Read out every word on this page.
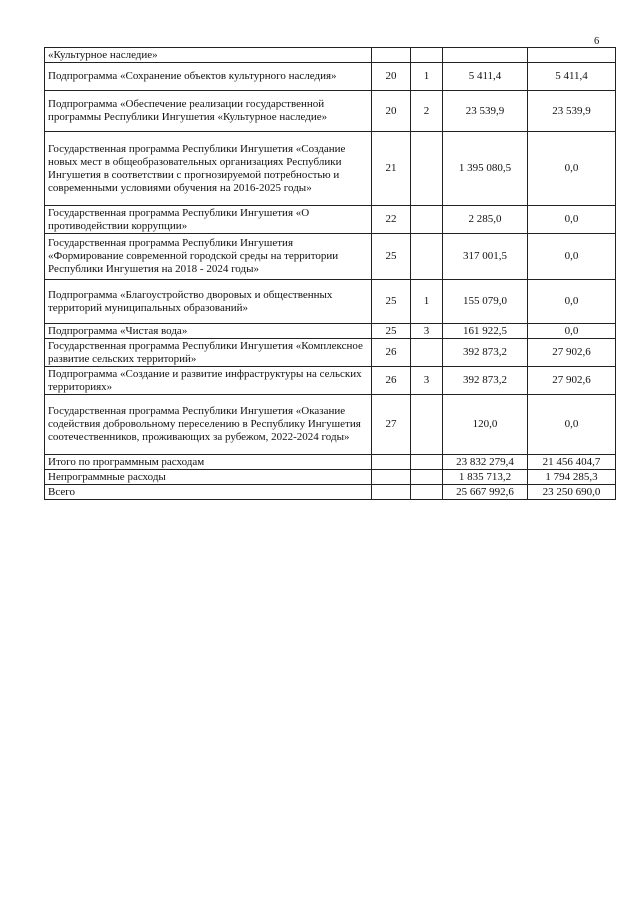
6
«Культурное наследие»				
Подпрограмма «Сохранение объектов культурного наследия»	20	1	5 411,4	5 411,4
Подпрограмма «Обеспечение реализации государственной программы Республики Ингушетия «Культурное наследие»	20	2	23 539,9	23 539,9
Государственная программа Республики Ингушетия «Создание новых мест в общеобразовательных организациях Республики Ингушетия в соответствии с прогнозируемой потребностью и современными условиями обучения на 2016-2025 годы»	21		1 395 080,5	0,0
Государственная программа Республики Ингушетия «О противодействии коррупции»	22		2 285,0	0,0
Государственная программа Республики Ингушетия «Формирование современной городской среды на территории Республики Ингушетия на 2018 - 2024 годы»	25		317 001,5	0,0
Подпрограмма «Благоустройство дворовых и общественных территорий муниципальных образований»	25	1	155 079,0	0,0
Подпрограмма «Чистая вода»	25	3	161 922,5	0,0
Государственная программа Республики Ингушетия «Комплексное развитие сельских территорий»	26		392 873,2	27 902,6
Подпрограмма «Создание и развитие инфраструктуры на сельских территориях»	26	3	392 873,2	27 902,6
Государственная программа Республики Ингушетия «Оказание содействия добровольному переселению в Республику Ингушетия соотечественников, проживающих за рубежом, 2022-2024 годы»	27		120,0	0,0
Итого по программным расходам			23 832 279,4	21 456 404,7
Непрограммные расходы			1 835 713,2	1 794 285,3
Всего			25 667 992,6	23 250 690,0
